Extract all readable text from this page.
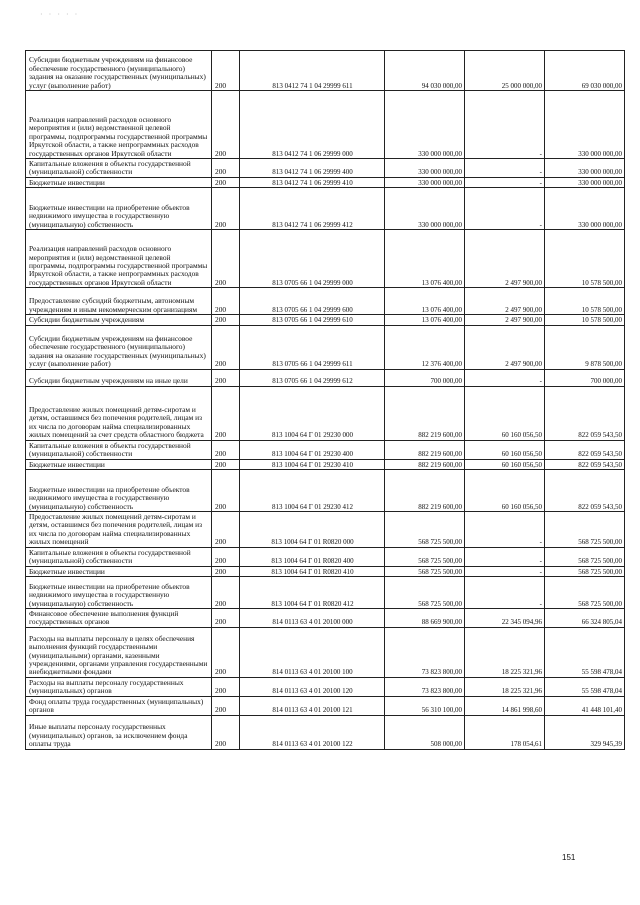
· · · · ·
Субсидии бюджетным учреждениям на финансовое обеспечение государственного (муниципального) задания на оказание государственных (муниципальных) услуг (выполнение работ)	200	813 0412 74 1 04 29999 611	94 030 000,00	25 000 000,00	69 030 000,00
Реализация направлений расходов основного мероприятия и (или) ведомственной целевой программы, подпрограммы государственной программы Иркутской области, а также непрограммных расходов государственных органов Иркутской области	200	813 0412 74 1 06 29999 000	330 000 000,00	-	330 000 000,00
Капитальные вложения в объекты государственной (муниципальной) собственности	200	813 0412 74 1 06 29999 400	330 000 000,00	-	330 000 000,00
Бюджетные инвестиции	200	813 0412 74 1 06 29999 410	330 000 000,00	-	330 000 000,00
Бюджетные инвестиции на приобретение объектов недвижимого имущества в государственную (муниципальную) собственность	200	813 0412 74 1 06 29999 412	330 000 000,00	-	330 000 000,00
Реализация направлений расходов основного мероприятия и (или) ведомственной целевой программы, подпрограммы государственной программы Иркутской области, а также непрограммных расходов государственных органов Иркутской области	200	813 0705 66 1 04 29999 000	13 076 400,00	2 497 900,00	10 578 500,00
Предоставление субсидий бюджетным, автономным учреждениям и иным некоммерческим организациям	200	813 0705 66 1 04 29999 600	13 076 400,00	2 497 900,00	10 578 500,00
Субсидии бюджетным учреждениям	200	813 0705 66 1 04 29999 610	13 076 400,00	2 497 900,00	10 578 500,00
Субсидии бюджетным учреждениям на финансовое обеспечение государственного (муниципального) задания на оказание государственных (муниципальных) услуг (выполнение работ)	200	813 0705 66 1 04 29999 611	12 376 400,00	2 497 900,00	9 878 500,00
Субсидии бюджетным учреждениям на иные цели	200	813 0705 66 1 04 29999 612	700 000,00	-	700 000,00
Предоставление жилых помещений детям-сиротам и детям, оставшимся без попечения родителей, лицам из их числа по договорам найма специализированных жилых помещений за счет средств областного бюджета	200	813 1004 64 Г 01 29230 000	882 219 600,00	60 160 056,50	822 059 543,50
Капитальные вложения в объекты государственной (муниципальной) собственности	200	813 1004 64 Г 01 29230 400	882 219 600,00	60 160 056,50	822 059 543,50
Бюджетные инвестиции	200	813 1004 64 Г 01 29230 410	882 219 600,00	60 160 056,50	822 059 543,50
Бюджетные инвестиции на приобретение объектов недвижимого имущества в государственную (муниципальную) собственность	200	813 1004 64 Г 01 29230 412	882 219 600,00	60 160 056,50	822 059 543,50
Предоставление жилых помещений детям-сиротам и детям, оставшимся без попечения родителей, лицам из их числа по договорам найма специализированных жилых помещений	200	813 1004 64 Г 01 R0820 000	568 725 500,00	-	568 725 500,00
Капитальные вложения в объекты государственной (муниципальной) собственности	200	813 1004 64 Г 01 R0820 400	568 725 500,00	-	568 725 500,00
Бюджетные инвестиции	200	813 1004 64 Г 01 R0820 410	568 725 500,00	-	568 725 500,00
Бюджетные инвестиции на приобретение объектов недвижимого имущества в государственную (муниципальную) собственность	200	813 1004 64 Г 01 R0820 412	568 725 500,00	-	568 725 500,00
Финансовое обеспечение выполнения функций государственных органов	200	814 0113 63 4 01 20100 000	88 669 900,00	22 345 094,96	66 324 805,04
Расходы на выплаты персоналу в целях обеспечения выполнения функций государственными (муниципальными) органами, казенными учреждениями, органами управления государственными внебюджетными фондами	200	814 0113 63 4 01 20100 100	73 823 800,00	18 225 321,96	55 598 478,04
Расходы на выплаты персоналу государственных (муниципальных) органов	200	814 0113 63 4 01 20100 120	73 823 800,00	18 225 321,96	55 598 478,04
Фонд оплаты труда государственных (муниципальных) органов	200	814 0113 63 4 01 20100 121	56 310 100,00	14 861 998,60	41 448 101,40
Иные выплаты персоналу государственных (муниципальных) органов, за исключением фонда оплаты труда	200	814 0113 63 4 01 20100 122	508 000,00	178 054,61	329 945,39
151
